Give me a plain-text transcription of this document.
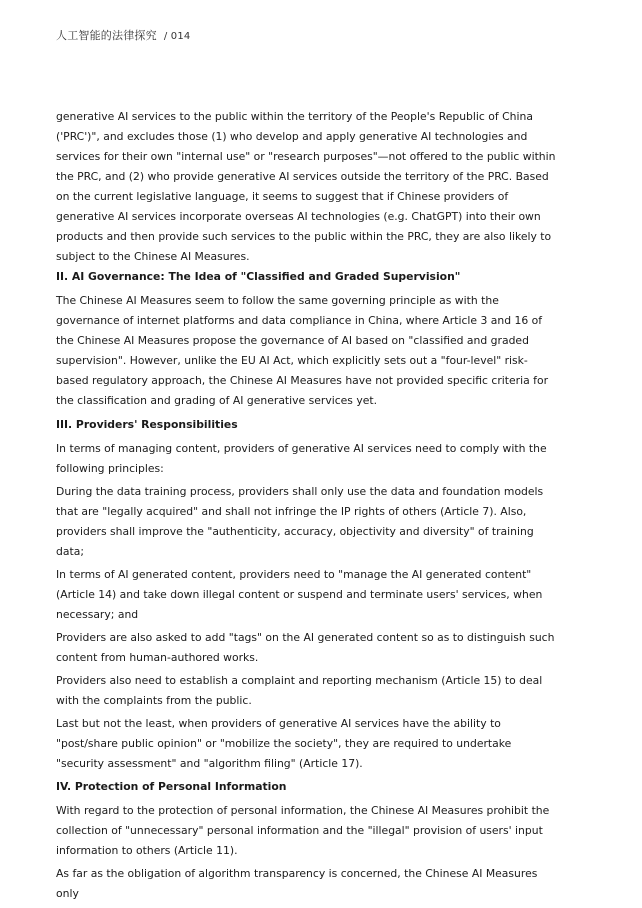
人工智能的法律探究 / 014

generative AI services to the public within the territory of the People's Republic of China ('PRC')", and excludes those (1) who develop and apply generative AI technologies and services for their own "internal use" or "research purposes"—not offered to the public within the PRC, and (2) who provide generative AI services outside the territory of the PRC. Based on the current legislative language, it seems to suggest that if Chinese providers of generative AI services incorporate overseas AI technologies (e.g. ChatGPT) into their own products and then provide such services to the public within the PRC, they are also likely to subject to the Chinese AI Measures.

II. AI Governance: The Idea of "Classified and Graded Supervision"

The Chinese AI Measures seem to follow the same governing principle as with the governance of internet platforms and data compliance in China, where Article 3 and 16 of the Chinese AI Measures propose the governance of AI based on "classified and graded supervision". However, unlike the EU AI Act, which explicitly sets out a "four-level" risk-based regulatory approach, the Chinese AI Measures have not provided specific criteria for the classification and grading of AI generative services yet.

III. Providers' Responsibilities

In terms of managing content, providers of generative AI services need to comply with the following principles:

During the data training process, providers shall only use the data and foundation models that are "legally acquired" and shall not infringe the IP rights of others (Article 7). Also, providers shall improve the "authenticity, accuracy, objectivity and diversity" of training data;

In terms of AI generated content, providers need to "manage the AI generated content" (Article 14) and take down illegal content or suspend and terminate users' services, when necessary; and

Providers are also asked to add "tags" on the AI generated content so as to distinguish such content from human-authored works.

Providers also need to establish a complaint and reporting mechanism (Article 15) to deal with the complaints from the public.

Last but not the least, when providers of generative AI services have the ability to "post/share public opinion" or "mobilize the society", they are required to undertake "security assessment" and "algorithm filing" (Article 17).

IV. Protection of Personal Information

With regard to the protection of personal information, the Chinese AI Measures prohibit the collection of "unnecessary" personal information and the "illegal" provision of users' input information to others (Article 11).

As far as the obligation of algorithm transparency is concerned, the Chinese AI Measures only
